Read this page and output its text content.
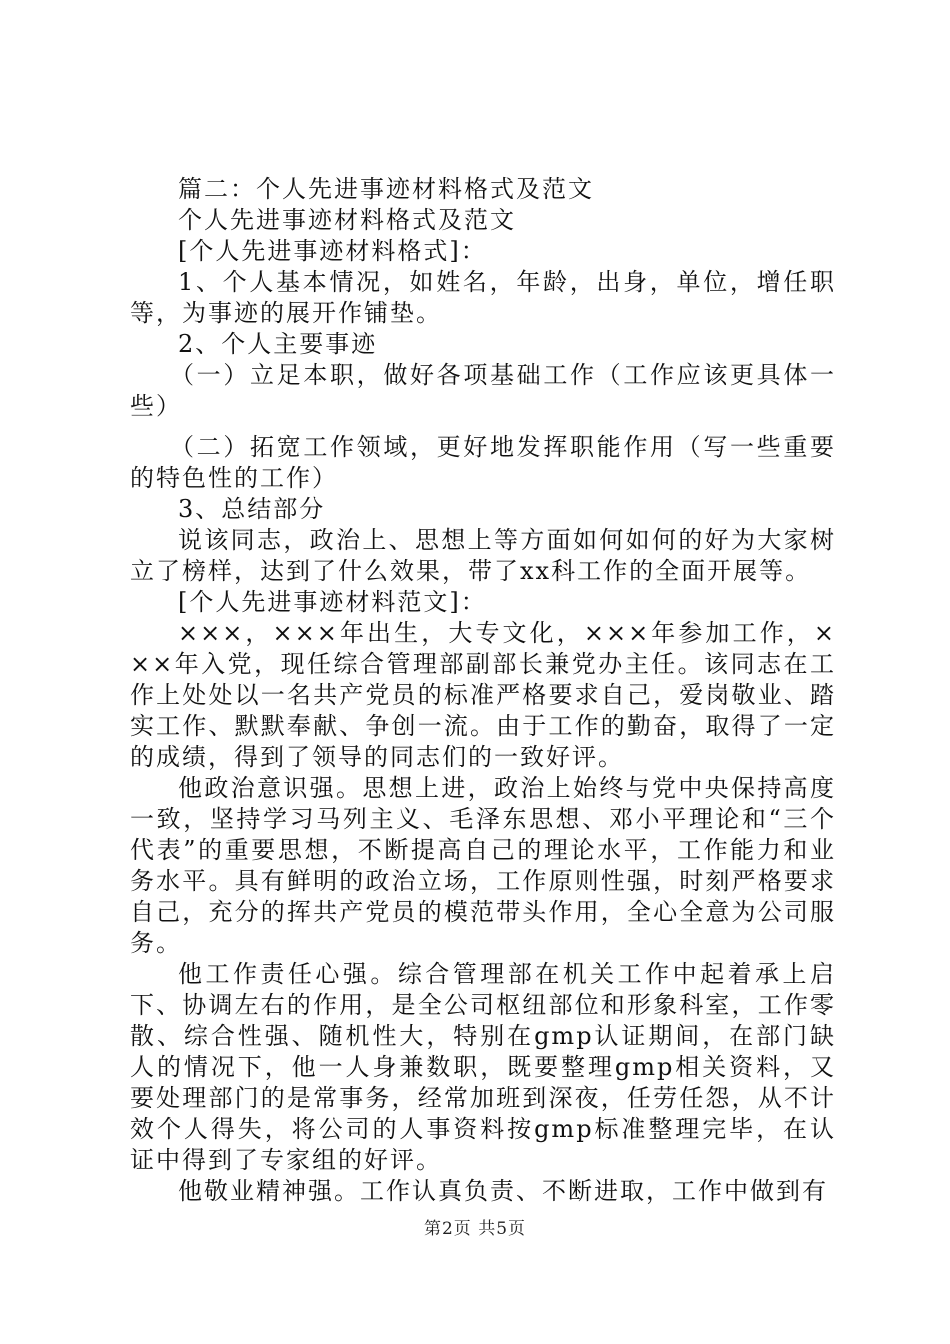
篇二：个人先进事迹材料格式及范文

个人先进事迹材料格式及范文

[个人先进事迹材料格式]：

1、个人基本情况，如姓名，年龄，出身，单位，增任职等，为事迹的展开作铺垫。

2、个人主要事迹

（一）立足本职，做好各项基础工作（工作应该更具体一些）

（二）拓宽工作领域，更好地发挥职能作用（写一些重要的特色性的工作）

3、总结部分

说该同志，政治上、思想上等方面如何如何的好为大家树立了榜样，达到了什么效果，带了xx科工作的全面开展等。

[个人先进事迹材料范文]：

×××，×××年出生，大专文化，×××年参加工作，×××年入党，现任综合管理部副部长兼党办主任。该同志在工作上处处以一名共产党员的标准严格要求自己，爱岗敬业、踏实工作、默默奉献、争创一流。由于工作的勤奋，取得了一定的成绩，得到了领导的同志们的一致好评。

他政治意识强。思想上进，政治上始终与党中央保持高度一致，坚持学习马列主义、毛泽东思想、邓小平理论和“三个代表”的重要思想，不断提高自己的理论水平，工作能力和业务水平。具有鲜明的政治立场，工作原则性强，时刻严格要求自己，充分的挥共产党员的模范带头作用，全心全意为公司服务。

他工作责任心强。综合管理部在机关工作中起着承上启下、协调左右的作用，是全公司枢纽部位和形象科室，工作零散、综合性强、随机性大，特别在gmp认证期间，在部门缺人的情况下，他一人身兼数职，既要整理gmp相关资料，又要处理部门的是常事务，经常加班到深夜，任劳任怨，从不计效个人得失，将公司的人事资料按gmp标准整理完毕，在认证中得到了专家组的好评。

他敬业精神强。工作认真负责、不断进取，工作中做到有

第2页 共5页
